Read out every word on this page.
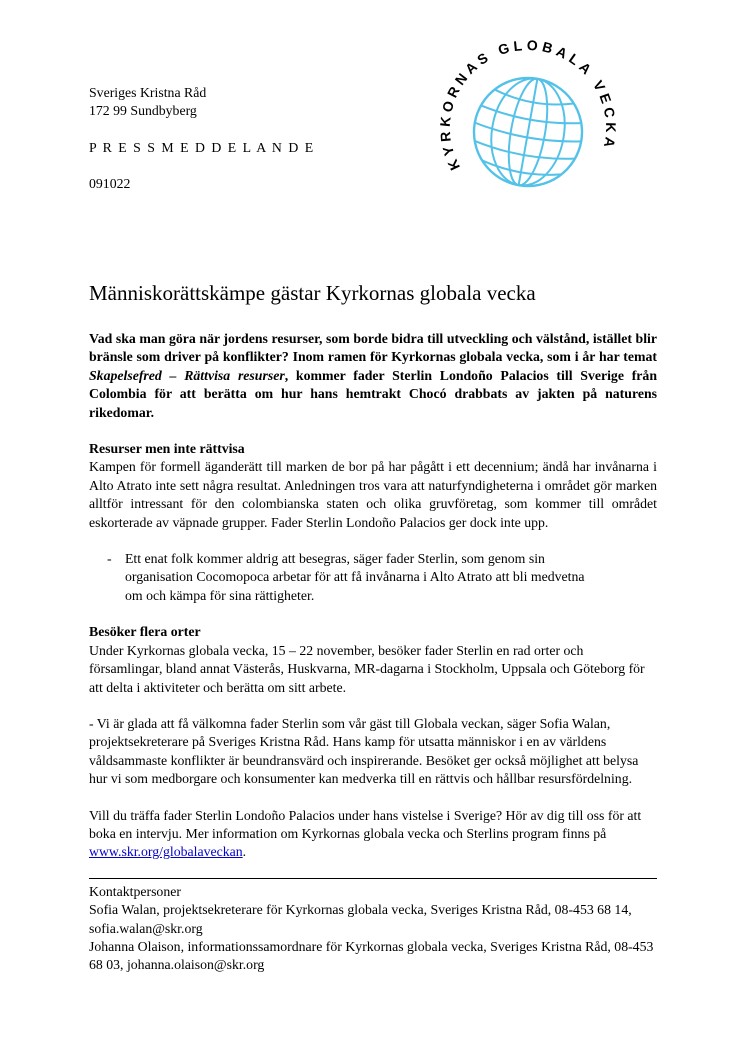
KYRKORNAS GLOBALA VECKA
Sveriges Kristna Råd
172 99 Sundbyberg
P R E S S M E D D E L A N D E
091022
Människorättskämpe gästar Kyrkornas globala vecka

Vad ska man göra när jordens resurser, som borde bidra till utveckling och välstånd, istället blir bränsle som driver på konflikter? Inom ramen för Kyrkornas globala vecka, som i år har temat Skapelsefred – Rättvisa resurser, kommer fader Sterlin Londoño Palacios till Sverige från Colombia för att berätta om hur hans hemtrakt Chocó drabbats av jakten på naturens rikedomar.

Resurser men inte rättvisa

Kampen för formell äganderätt till marken de bor på har pågått i ett decennium; ändå har invånarna i Alto Atrato inte sett några resultat. Anledningen tros vara att naturfyndigheterna i området gör marken alltför intressant för den colombianska staten och olika gruvföretag, som kommer till området eskorterade av väpnade grupper. Fader Sterlin Londoño Palacios ger dock inte upp.

- Ett enat folk kommer aldrig att besegras, säger fader Sterlin, som genom sin organisation Cocomopoca arbetar för att få invånarna i Alto Atrato att bli medvetna om och kämpa för sina rättigheter.
Besöker flera orter

Under Kyrkornas globala vecka, 15 – 22 november, besöker fader Sterlin en rad orter och församlingar, bland annat Västerås, Huskvarna, MR-dagarna i Stockholm, Uppsala och Göteborg för att delta i aktiviteter och berätta om sitt arbete.

- Vi är glada att få välkomna fader Sterlin som vår gäst till Globala veckan, säger Sofia Walan, projektsekreterare på Sveriges Kristna Råd. Hans kamp för utsatta människor i en av världens våldsammaste konflikter är beundransvärd och inspirerande. Besöket ger också möjlighet att belysa hur vi som medborgare och konsumenter kan medverka till en rättvis och hållbar resursfördelning.

Vill du träffa fader Sterlin Londoño Palacios under hans vistelse i Sverige? Hör av dig till oss för att boka en intervju. Mer information om Kyrkornas globala vecka och Sterlins program finns på www.skr.org/globalaveckan.

Kontaktpersoner
Sofia Walan, projektsekreterare för Kyrkornas globala vecka, Sveriges Kristna Råd, 08-453 68 14, sofia.walan@skr.org
Johanna Olaison, informationssamordnare för Kyrkornas globala vecka, Sveriges Kristna Råd, 08-453 68 03, johanna.olaison@skr.org
